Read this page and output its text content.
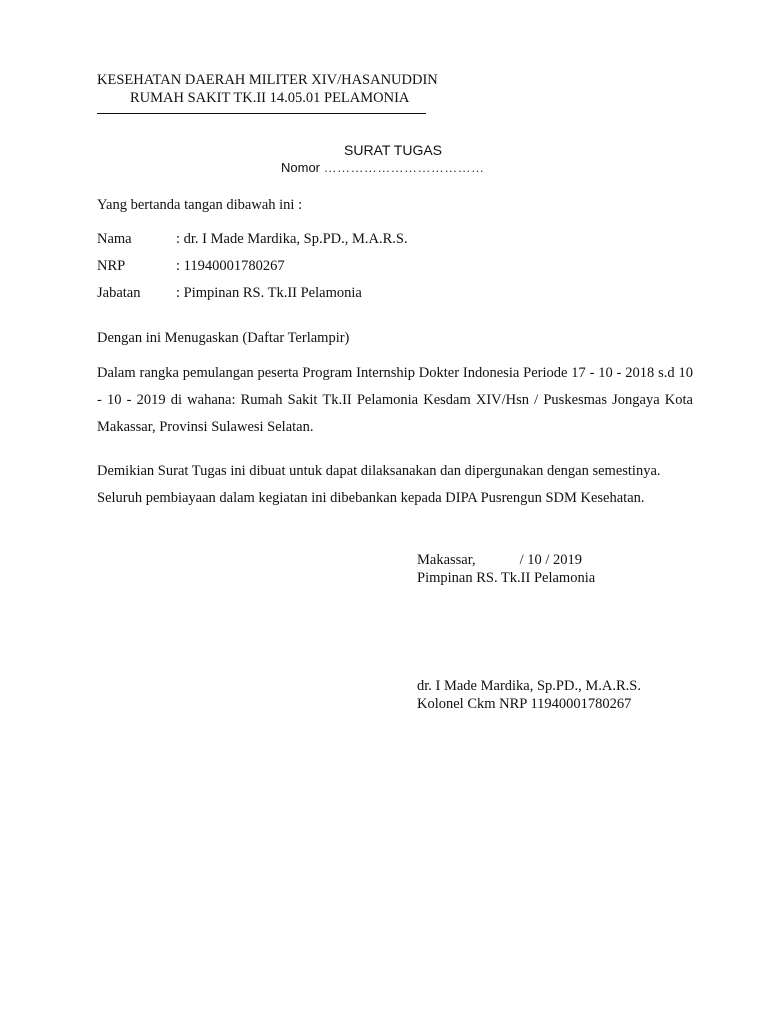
KESEHATAN DAERAH MILITER XIV/HASANUDDIN
RUMAH SAKIT TK.II 14.05.01 PELAMONIA
SURAT TUGAS
Nomor ………………………………
Yang bertanda tangan dibawah ini :
Nama	: dr. I Made Mardika, Sp.PD., M.A.R.S.
NRP	: 11940001780267
Jabatan : Pimpinan RS. Tk.II Pelamonia
Dengan ini Menugaskan (Daftar Terlampir)
Dalam rangka pemulangan peserta Program Internship Dokter Indonesia Periode 17 - 10 - 2018 s.d 10 - 10 - 2019 di wahana: Rumah Sakit Tk.II Pelamonia Kesdam XIV/Hsn / Puskesmas Jongaya Kota Makassar, Provinsi Sulawesi Selatan.
Demikian Surat Tugas ini dibuat untuk dapat dilaksanakan dan dipergunakan dengan semestinya. Seluruh pembiayaan dalam kegiatan ini dibebankan kepada DIPA Pusrengun SDM Kesehatan.
Makassar,	/ 10 / 2019
Pimpinan RS. Tk.II Pelamonia
dr. I Made Mardika, Sp.PD., M.A.R.S.
Kolonel Ckm NRP 11940001780267
